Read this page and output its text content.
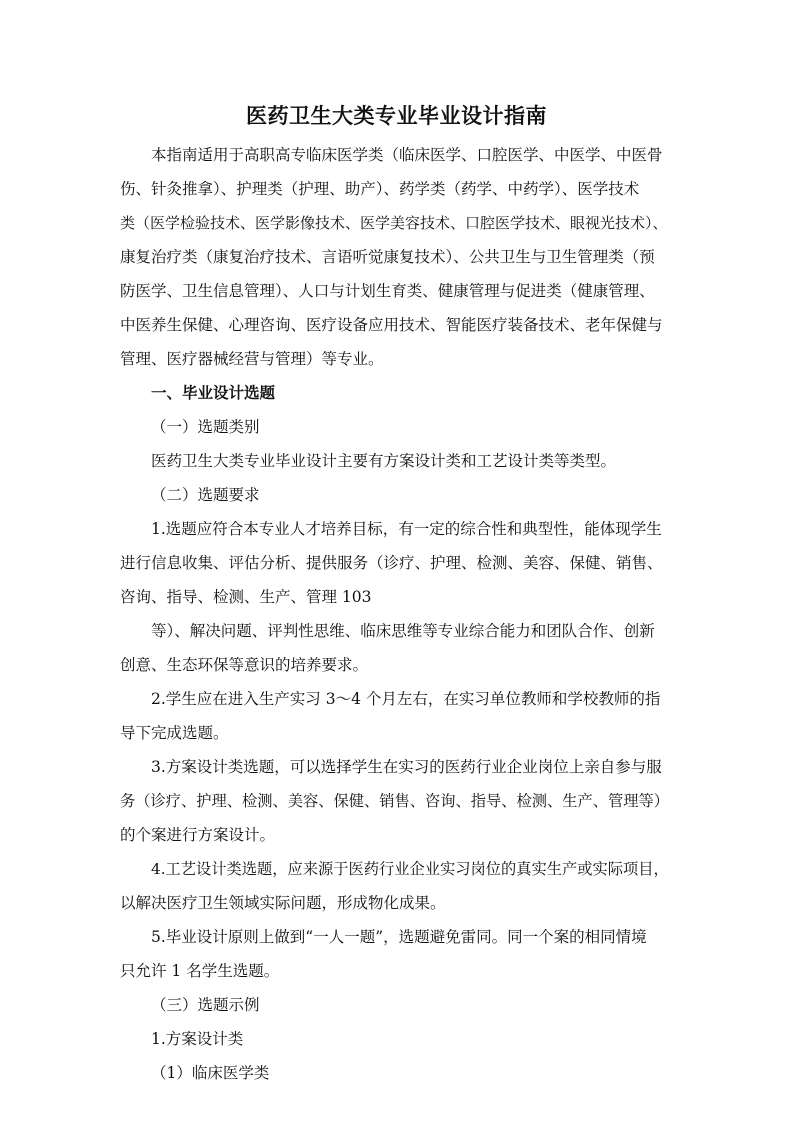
医药卫生大类专业毕业设计指南
本指南适用于高职高专临床医学类（临床医学、口腔医学、中医学、中医骨
伤、针灸推拿）、护理类（护理、助产）、药学类（药学、中药学）、医学技术
类（医学检验技术、医学影像技术、医学美容技术、口腔医学技术、眼视光技术）、
康复治疗类（康复治疗技术、言语听觉康复技术）、公共卫生与卫生管理类（预
防医学、卫生信息管理）、人口与计划生育类、健康管理与促进类（健康管理、
中医养生保健、心理咨询、医疗设备应用技术、智能医疗装备技术、老年保健与
管理、医疗器械经营与管理）等专业。
一、毕业设计选题
（一）选题类别
医药卫生大类专业毕业设计主要有方案设计类和工艺设计类等类型。
（二）选题要求
1.选题应符合本专业人才培养目标，有一定的综合性和典型性，能体现学生
进行信息收集、评估分析、提供服务（诊疗、护理、检测、美容、保健、销售、
咨询、指导、检测、生产、管理 103
等）、解决问题、评判性思维、临床思维等专业综合能力和团队合作、创新
创意、生态环保等意识的培养要求。
2.学生应在进入生产实习 3～4 个月左右，在实习单位教师和学校教师的指
导下完成选题。
3.方案设计类选题，可以选择学生在实习的医药行业企业岗位上亲自参与服
务（诊疗、护理、检测、美容、保健、销售、咨询、指导、检测、生产、管理等）
的个案进行方案设计。
4.工艺设计类选题，应来源于医药行业企业实习岗位的真实生产或实际项目，
以解决医疗卫生领域实际问题，形成物化成果。
5.毕业设计原则上做到“一人一题”，选题避免雷同。同一个案的相同情境
只允许 1 名学生选题。
（三）选题示例
1.方案设计类
（1）临床医学类
